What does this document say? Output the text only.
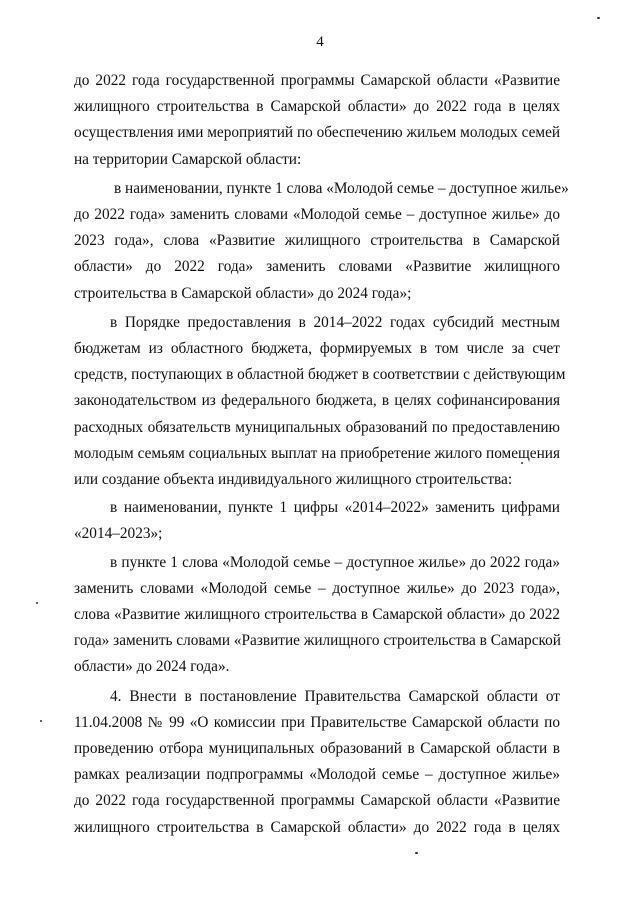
4
до 2022 года государственной программы Самарской области «Развитие
жилищного строительства в Самарской области» до 2022 года в целях
осуществления ими мероприятий по обеспечению жильем молодых семей
на территории Самарской области:
в наименовании, пункте 1 слова «Молодой семье – доступное жилье»
до 2022 года» заменить словами «Молодой семье – доступное жилье» до
2023 года», слова «Развитие жилищного строительства в Самарской
области» до 2022 года» заменить словами «Развитие жилищного
строительства в Самарской области» до 2024 года»;
в Порядке предоставления в 2014–2022 годах субсидий местным
бюджетам из областного бюджета, формируемых в том числе за счет
средств, поступающих в областной бюджет в соответствии с действующим
законодательством из федерального бюджета, в целях софинансирования
расходных обязательств муниципальных образований по предоставлению
молодым семьям социальных выплат на приобретение жилого помещения
или создание объекта индивидуального жилищного строительства:
в наименовании, пункте 1 цифры «2014–2022» заменить цифрами
«2014–2023»;
в пункте 1 слова «Молодой семье – доступное жилье» до 2022 года»
заменить словами «Молодой семье – доступное жилье» до 2023 года»,
слова «Развитие жилищного строительства в Самарской области» до 2022
года» заменить словами «Развитие жилищного строительства в Самарской
области» до 2024 года».
4. Внести в постановление Правительства Самарской области от
11.04.2008 № 99 «О комиссии при Правительстве Самарской области по
проведению отбора муниципальных образований в Самарской области в
рамках реализации подпрограммы «Молодой семье – доступное жилье»
до 2022 года государственной программы Самарской области «Развитие
жилищного строительства в Самарской области» до 2022 года в целях
